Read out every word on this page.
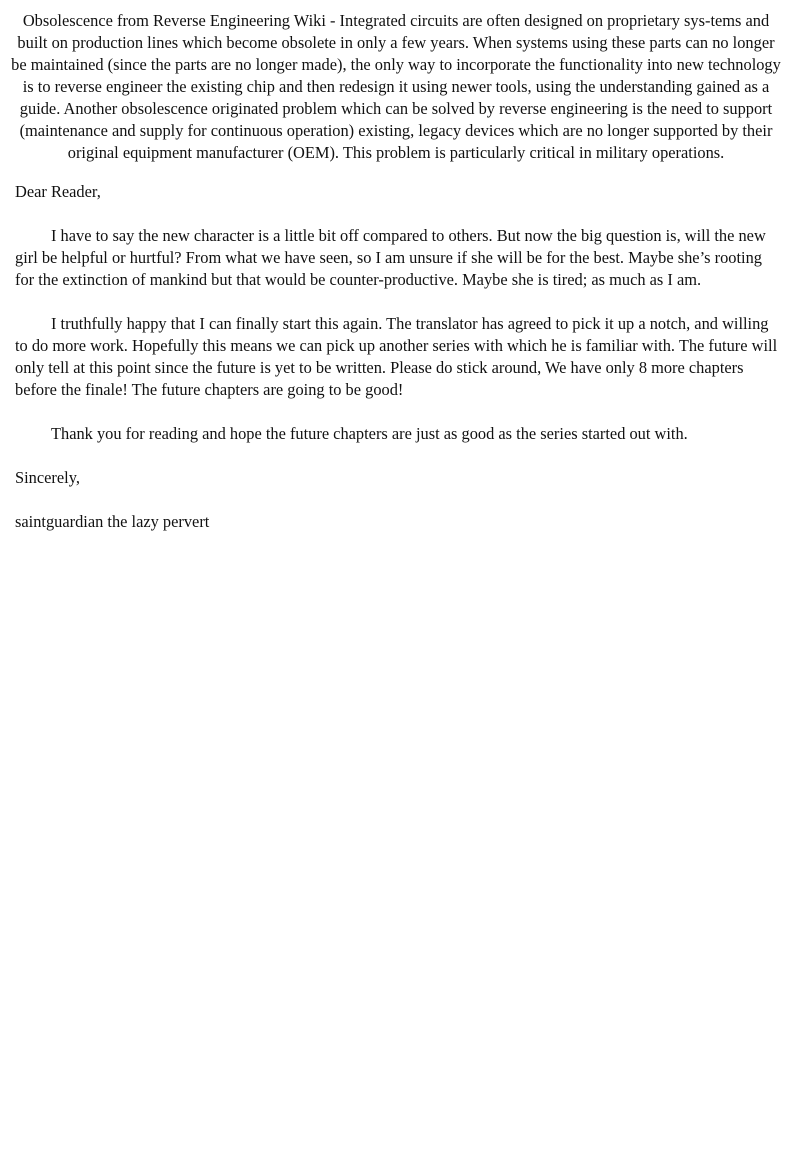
Obsolescence from Reverse Engineering Wiki - Integrated circuits are often designed on proprietary sys-tems and built on production lines which become obsolete in only a few years. When systems using these parts can no longer be maintained (since the parts are no longer made), the only way to incorporate the functionality into new technology is to reverse engineer the existing chip and then redesign it using newer tools, using the understanding gained as a guide. Another obsolescence originated problem which can be solved by reverse engineering is the need to support (maintenance and supply for continuous operation) existing, legacy devices which are no longer supported by their original equipment manufacturer (OEM). This problem is particularly critical in military operations.

Dear Reader,

I have to say the new character is a little bit off compared to others. But now the big question is, will the new girl be helpful or hurtful? From what we have seen, so I am unsure if she will be for the best. Maybe she’s rooting for the extinction of mankind but that would be counter-productive. Maybe she is tired; as much as I am.

I truthfully happy that I can finally start this again. The translator has agreed to pick it up a notch, and willing to do more work. Hopefully this means we can pick up another series with which he is familiar with. The future will only tell at this point since the future is yet to be written. Please do stick around, We have only 8 more chapters before the finale! The future chapters are going to be good!

Thank you for reading and hope the future chapters are just as good as the series started out with.

Sincerely,

saintguardian the lazy pervert
